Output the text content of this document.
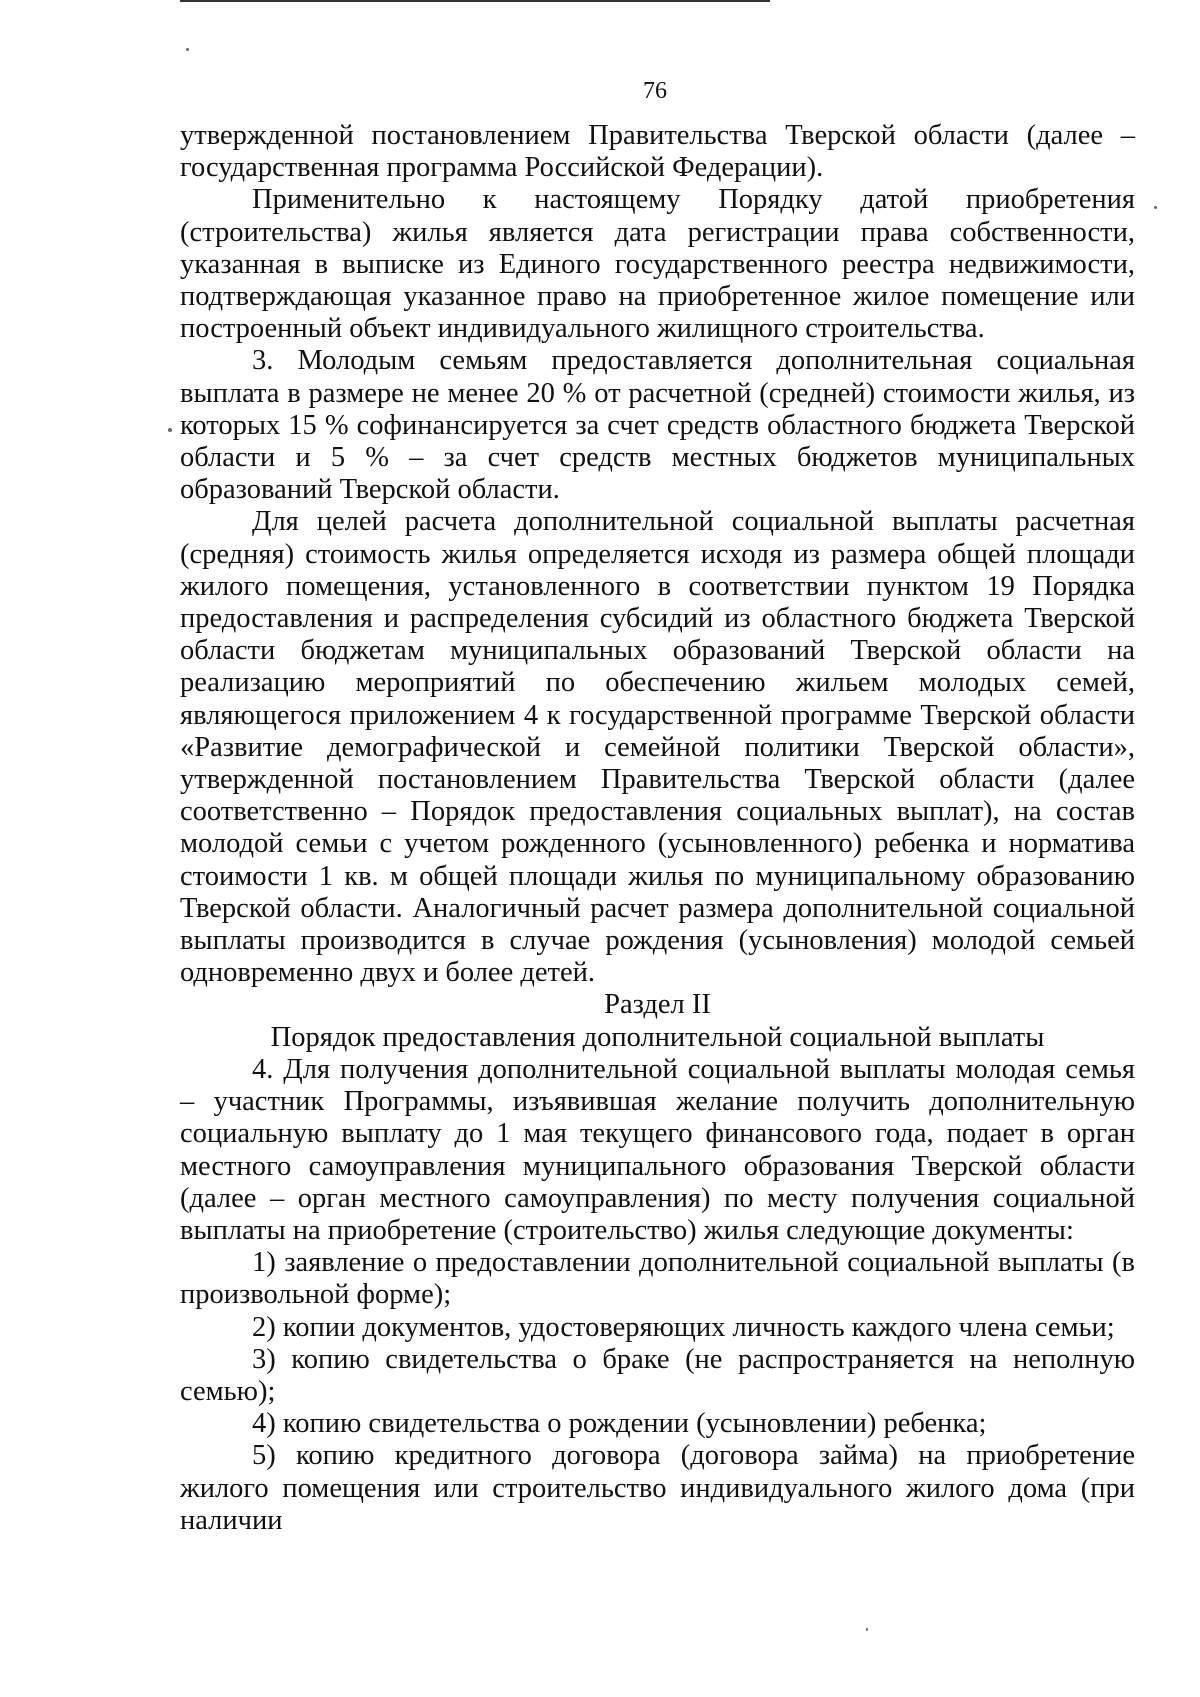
76

утвержденной постановлением Правительства Тверской области (далее – государственная программа Российской Федерации).

Применительно к настоящему Порядку датой приобретения (строительства) жилья является дата регистрации права собственности, указанная в выписке из Единого государственного реестра недвижимости, подтверждающая указанное право на приобретенное жилое помещение или построенный объект индивидуального жилищного строительства.

3. Молодым семьям предоставляется дополнительная социальная выплата в размере не менее 20 % от расчетной (средней) стоимости жилья, из которых 15 % софинансируется за счет средств областного бюджета Тверской области и 5 % – за счет средств местных бюджетов муниципальных образований Тверской области.

Для целей расчета дополнительной социальной выплаты расчетная (средняя) стоимость жилья определяется исходя из размера общей площади жилого помещения, установленного в соответствии пунктом 19 Порядка предоставления и распределения субсидий из областного бюджета Тверской области бюджетам муниципальных образований Тверской области на реализацию мероприятий по обеспечению жильем молодых семей, являющегося приложением 4 к государственной программе Тверской области «Развитие демографической и семейной политики Тверской области», утвержденной постановлением Правительства Тверской области (далее соответственно – Порядок предоставления социальных выплат), на состав молодой семьи с учетом рожденного (усыновленного) ребенка и норматива стоимости 1 кв. м общей площади жилья по муниципальному образованию Тверской области. Аналогичный расчет размера дополнительной социальной выплаты производится в случае рождения (усыновления) молодой семьей одновременно двух и более детей.

Раздел II

Порядок предоставления дополнительной социальной выплаты

4. Для получения дополнительной социальной выплаты молодая семья – участник Программы, изъявившая желание получить дополнительную социальную выплату до 1 мая текущего финансового года, подает в орган местного самоуправления муниципального образования Тверской области (далее – орган местного самоуправления) по месту получения социальной выплаты на приобретение (строительство) жилья следующие документы:

1) заявление о предоставлении дополнительной социальной выплаты (в произвольной форме);

2) копии документов, удостоверяющих личность каждого члена семьи;

3) копию свидетельства о браке (не распространяется на неполную семью);

4) копию свидетельства о рождении (усыновлении) ребенка;

5) копию кредитного договора (договора займа) на приобретение жилого помещения или строительство индивидуального жилого дома (при наличии
